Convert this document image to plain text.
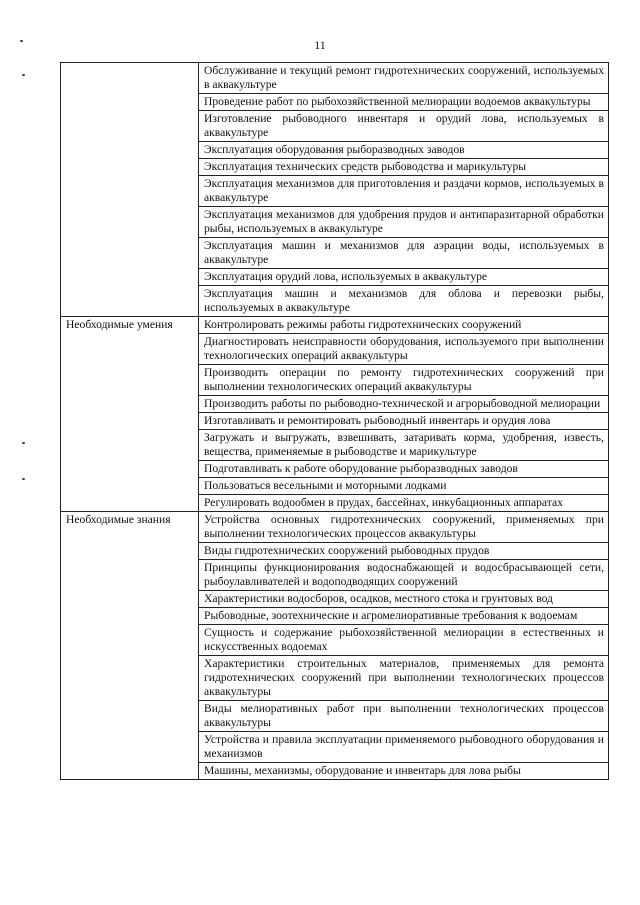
11
	Обслуживание и текущий ремонт гидротехнических сооружений, используемых в аквакультуре
	Проведение работ по рыбохозяйственной мелиорации водоемов аквакультуры
	Изготовление рыбоводного инвентаря и орудий лова, используемых в аквакультуре
	Эксплуатация оборудования рыборазводных заводов
	Эксплуатация технических средств рыбоводства и марикультуры
	Эксплуатация механизмов для приготовления и раздачи кормов, используемых в аквакультуре
	Эксплуатация механизмов для удобрения прудов и антипаразитарной обработки рыбы, используемых в аквакультуре
	Эксплуатация машин и механизмов для аэрации воды, используемых в аквакультуре
	Эксплуатация орудий лова, используемых в аквакультуре
	Эксплуатация машин и механизмов для облова и перевозки рыбы, используемых в аквакультуре
Необходимые умения	Контролировать режимы работы гидротехнических сооружений
	Диагностировать неисправности оборудования, используемого при выполнении технологических операций аквакультуры
	Производить операции по ремонту гидротехнических сооружений при выполнении технологических операций аквакультуры
	Производить работы по рыбоводно-технической и агрорыбоводной мелиорации
	Изготавливать и ремонтировать рыбоводный инвентарь и орудия лова
	Загружать и выгружать, взвешивать, затаривать корма, удобрения, известь, вещества, применяемые в рыбоводстве и марикультуре
	Подготавливать к работе оборудование рыборазводных заводов
	Пользоваться весельными и моторными лодками
	Регулировать водообмен в прудах, бассейнах, инкубационных аппаратах
Необходимые знания	Устройства основных гидротехнических сооружений, применяемых при выполнении технологических процессов аквакультуры
	Виды гидротехнических сооружений рыбоводных прудов
	Принципы функционирования водоснабжающей и водосбрасывающей сети, рыбоулавливателей и водоподводящих сооружений
	Характеристики водосборов, осадков, местного стока и грунтовых вод
	Рыбоводные, зоотехнические и агромелиоративные требования к водоемам
	Сущность и содержание рыбохозяйственной мелиорации в естественных и искусственных водоемах
	Характеристики строительных материалов, применяемых для ремонта гидротехнических сооружений при выполнении технологических процессов аквакультуры
	Виды мелиоративных работ при выполнении технологических процессов аквакультуры
	Устройства и правила эксплуатации применяемого рыбоводного оборудования и механизмов
	Машины, механизмы, оборудование и инвентарь для лова рыбы
